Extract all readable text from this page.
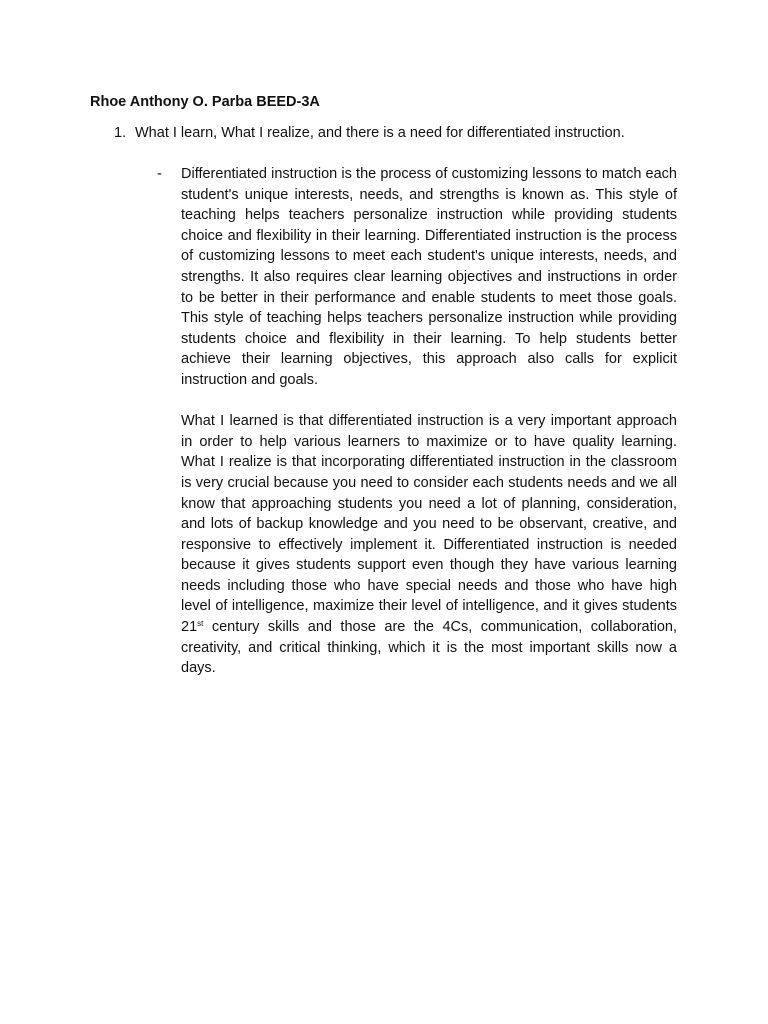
Rhoe Anthony O. Parba BEED-3A
1. What I learn, What I realize, and there is a need for differentiated instruction.
- Differentiated instruction is the process of customizing lessons to match each student's unique interests, needs, and strengths is known as. This style of teaching helps teachers personalize instruction while providing students choice and flexibility in their learning. Differentiated instruction is the process of customizing lessons to meet each student's unique interests, needs, and strengths. It also requires clear learning objectives and instructions in order to be better in their performance and enable students to meet those goals. This style of teaching helps teachers personalize instruction while providing students choice and flexibility in their learning. To help students better achieve their learning objectives, this approach also calls for explicit instruction and goals.

What I learned is that differentiated instruction is a very important approach in order to help various learners to maximize or to have quality learning. What I realize is that incorporating differentiated instruction in the classroom is very crucial because you need to consider each students needs and we all know that approaching students you need a lot of planning, consideration, and lots of backup knowledge and you need to be observant, creative, and responsive to effectively implement it. Differentiated instruction is needed because it gives students support even though they have various learning needs including those who have special needs and those who have high level of intelligence, maximize their level of intelligence, and it gives students 21st century skills and those are the 4Cs, communication, collaboration, creativity, and critical thinking, which it is the most important skills now a days.
